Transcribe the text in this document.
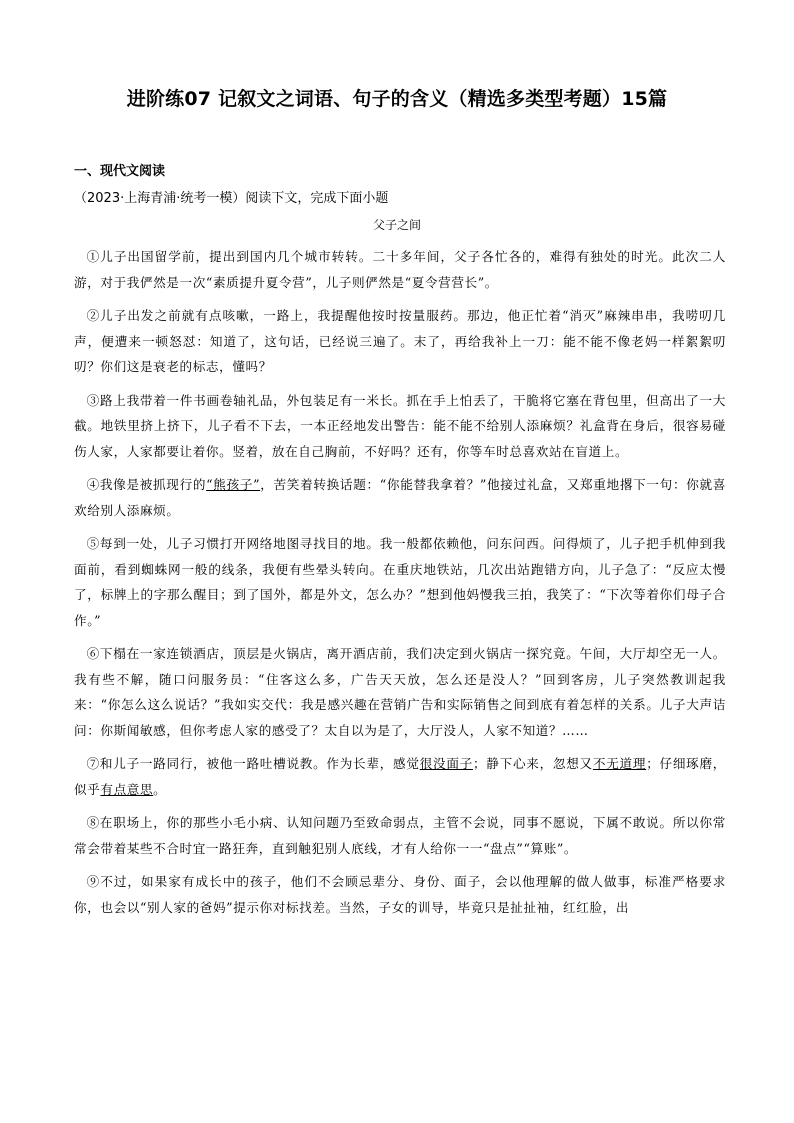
进阶练07 记叙文之词语、句子的含义（精选多类型考题）15篇
一、现代文阅读
（2023·上海青浦·统考一模）阅读下文，完成下面小题
父子之间

①儿子出国留学前，提出到国内几个城市转转。二十多年间，父子各忙各的，难得有独处的时光。此次二人游，对于我俨然是一次“素质提升夏令营”，儿子则俨然是“夏令营营长”。

②儿子出发之前就有点咳嗽，一路上，我提醒他按时按量服药。那边，他正忙着“消灭”麻辣串串，我唠叨几声，便遭来一顿怒怼：知道了，这句话，已经说三遍了。末了，再给我补上一刀：能不能不像老妈一样絮絮叨叨？你们这是衰老的标志，懂吗？

③路上我带着一件书画卷轴礼品，外包装足有一米长。抓在手上怕丢了，干脆将它塞在背包里，但高出了一大截。地铁里挤上挤下，儿子看不下去，一本正经地发出警告：能不能不给别人添麻烦？礼盒背在身后，很容易碰伤人家，人家都要让着你。竖着，放在自己胸前，不好吗？还有，你等车时总喜欢站在盲道上。

④我像是被抓现行的“熊孩子”，苦笑着转换话题：“你能替我拿着？”他接过礼盒，又郑重地撂下一句：你就喜欢给别人添麻烦。

⑤每到一处，儿子习惯打开网络地图寻找目的地。我一般都依赖他，问东问西。问得烦了，儿子把手机伸到我面前，看到蜘蛛网一般的线条，我便有些晕头转向。在重庆地铁站，几次出站跑错方向，儿子急了：“反应太慢了，标牌上的字那么醒目；到了国外，都是外文，怎么办？”想到他妈慢我三拍，我笑了：“下次等着你们母子合作。”

⑥下榻在一家连锁酒店，顶层是火锅店，离开酒店前，我们决定到火锅店一探究竟。午间，大厅却空无一人。我有些不解，随口问服务员：“住客这么多，广告天天放，怎么还是没人？”回到客房，儿子突然教训起我来：“你怎么这么说话？”我如实交代：我是感兴趣在营销广告和实际销售之间到底有着怎样的关系。儿子大声诘问：你斯闻敏感，但你考虑人家的感受了？太自以为是了，大厅没人，人家不知道？……

⑦和儿子一路同行，被他一路吐槽说教。作为长辈，感觉很没面子；静下心来，忽想又不无道理；仔细琢磨，似乎有点意思。

⑧在职场上，你的那些小毛小病、认知问题乃至致命弱点，主管不会说，同事不愿说，下属不敢说。所以你常常会带着某些不合时宜一路狂奔，直到触犯别人底线，才有人给你一一“盘点”“算账”。

⑨不过，如果家有成长中的孩子，他们不会顾忌辈分、身份、面子，会以他理解的做人做事，标准严格要求你，也会以“别人家的爸妈”提示你对标找差。当然，子女的训导，毕竟只是扯扯袖，红红脸，出
